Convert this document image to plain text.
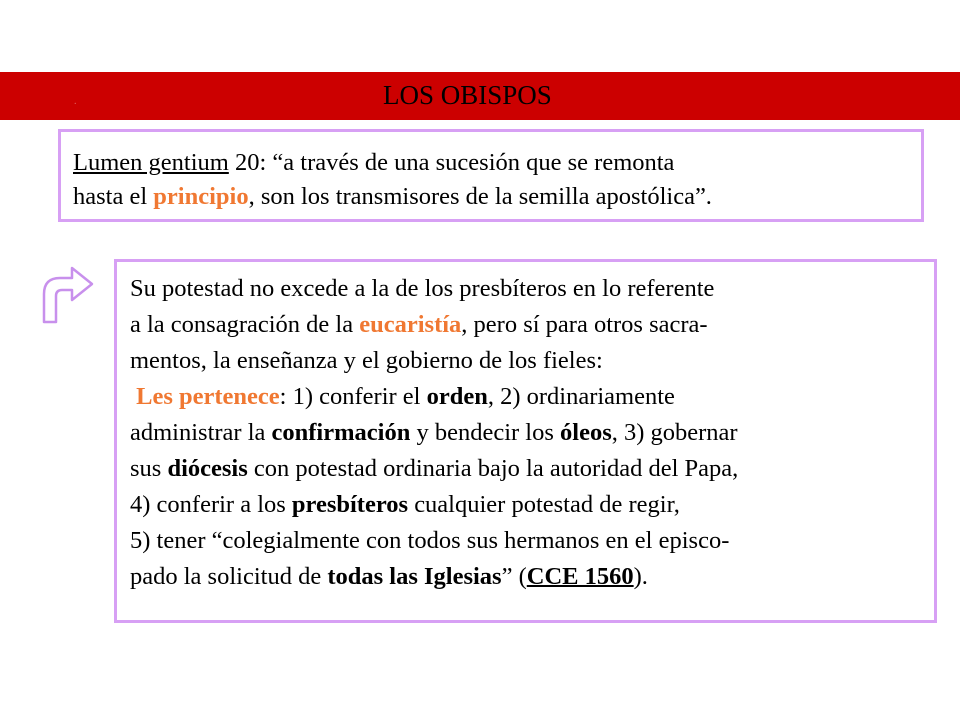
.	LOS OBISPOS
Lumen gentium 20: “a través de una sucesión que se remonta
hasta el principio, son los transmisores de la semilla apostólica”.
Su potestad no excede a la de los presbíteros en lo referente
a la consagración de la eucaristía, pero sí para otros sacra-
mentos, la enseñanza y el gobierno de los fieles:
Les pertenece: 1) conferir el orden, 2) ordinariamente
administrar la confirmación y bendecir los óleos, 3) gobernar
sus diócesis con potestad ordinaria bajo la autoridad del Papa,
4) conferir a los presbíteros cualquier potestad de regir,
5) tener “colegialmente con todos sus hermanos en el episco-
pado la solicitud de todas las Iglesias” (CCE 1560).
